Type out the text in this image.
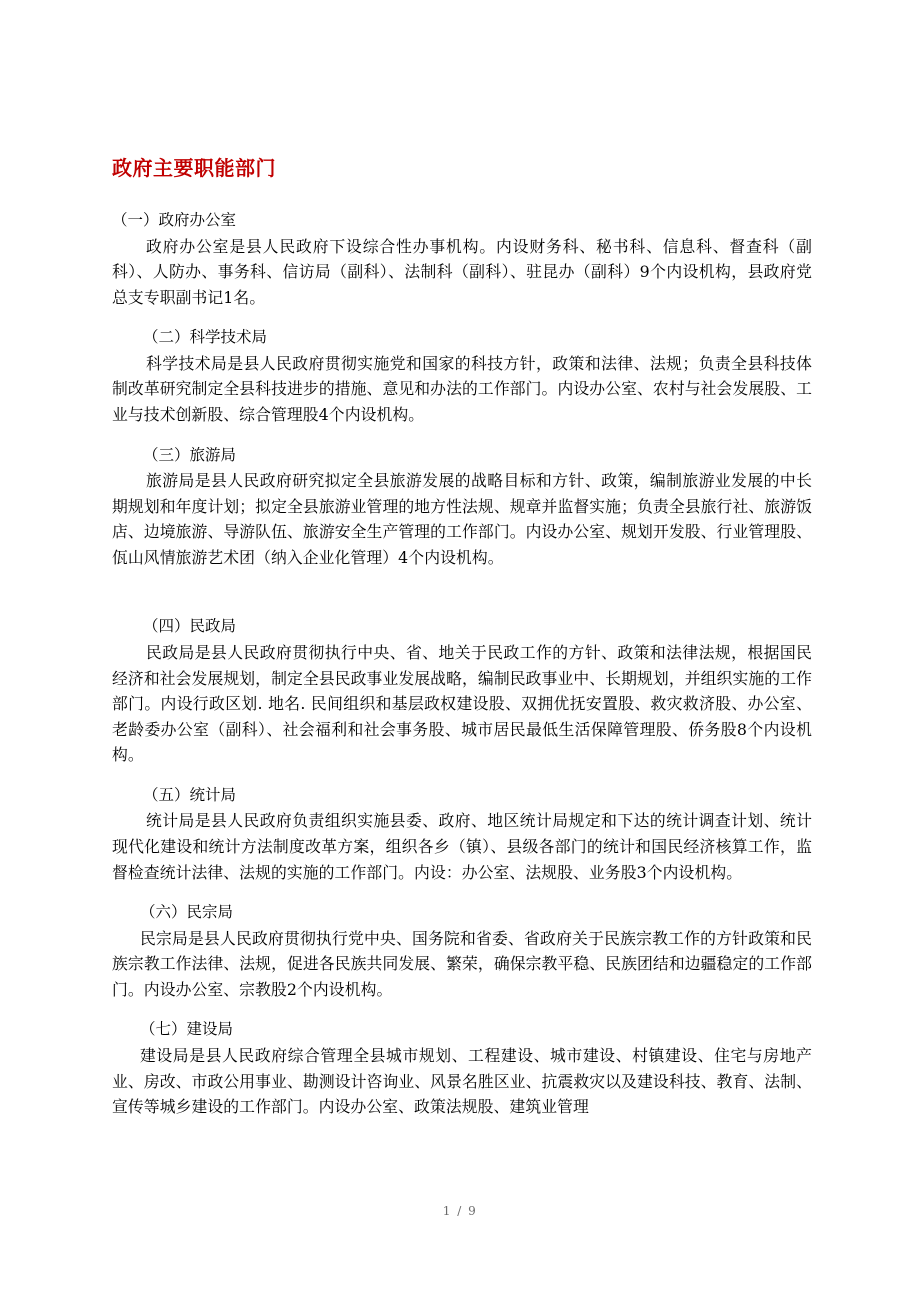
政府主要职能部门

（一）政府办公室

政府办公室是县人民政府下设综合性办事机构。内设财务科、秘书科、信息科、督查科（副科）、人防办、事务科、信访局（副科）、法制科（副科）、驻昆办（副科）9个内设机构，县政府党总支专职副书记1名。

（二）科学技术局

科学技术局是县人民政府贯彻实施党和国家的科技方针，政策和法律、法规；负责全县科技体制改革研究制定全县科技进步的措施、意见和办法的工作部门。内设办公室、农村与社会发展股、工业与技术创新股、综合管理股4个内设机构。

（三）旅游局

旅游局是县人民政府研究拟定全县旅游发展的战略目标和方针、政策，编制旅游业发展的中长期规划和年度计划；拟定全县旅游业管理的地方性法规、规章并监督实施；负责全县旅行社、旅游饭店、边境旅游、导游队伍、旅游安全生产管理的工作部门。内设办公室、规划开发股、行业管理股、佤山风情旅游艺术团（纳入企业化管理）4个内设机构。

（四）民政局

民政局是县人民政府贯彻执行中央、省、地关于民政工作的方针、政策和法律法规，根据国民经济和社会发展规划，制定全县民政事业发展战略，编制民政事业中、长期规划，并组织实施的工作部门。内设行政区划. 地名. 民间组织和基层政权建设股、双拥优抚安置股、救灾救济股、办公室、老龄委办公室（副科）、社会福利和社会事务股、城市居民最低生活保障管理股、侨务股8个内设机构。

（五）统计局

统计局是县人民政府负责组织实施县委、政府、地区统计局规定和下达的统计调查计划、统计现代化建设和统计方法制度改革方案，组织各乡（镇）、县级各部门的统计和国民经济核算工作，监督检查统计法律、法规的实施的工作部门。内设：办公室、法规股、业务股3个内设机构。

（六）民宗局

民宗局是县人民政府贯彻执行党中央、国务院和省委、省政府关于民族宗教工作的方针政策和民族宗教工作法律、法规，促进各民族共同发展、繁荣，确保宗教平稳、民族团结和边疆稳定的工作部门。内设办公室、宗教股2个内设机构。

（七）建设局

建设局是县人民政府综合管理全县城市规划、工程建设、城市建设、村镇建设、住宅与房地产业、房改、市政公用事业、勘测设计咨询业、风景名胜区业、抗震救灾以及建设科技、教育、法制、宣传等城乡建设的工作部门。内设办公室、政策法规股、建筑业管理

1 / 9
